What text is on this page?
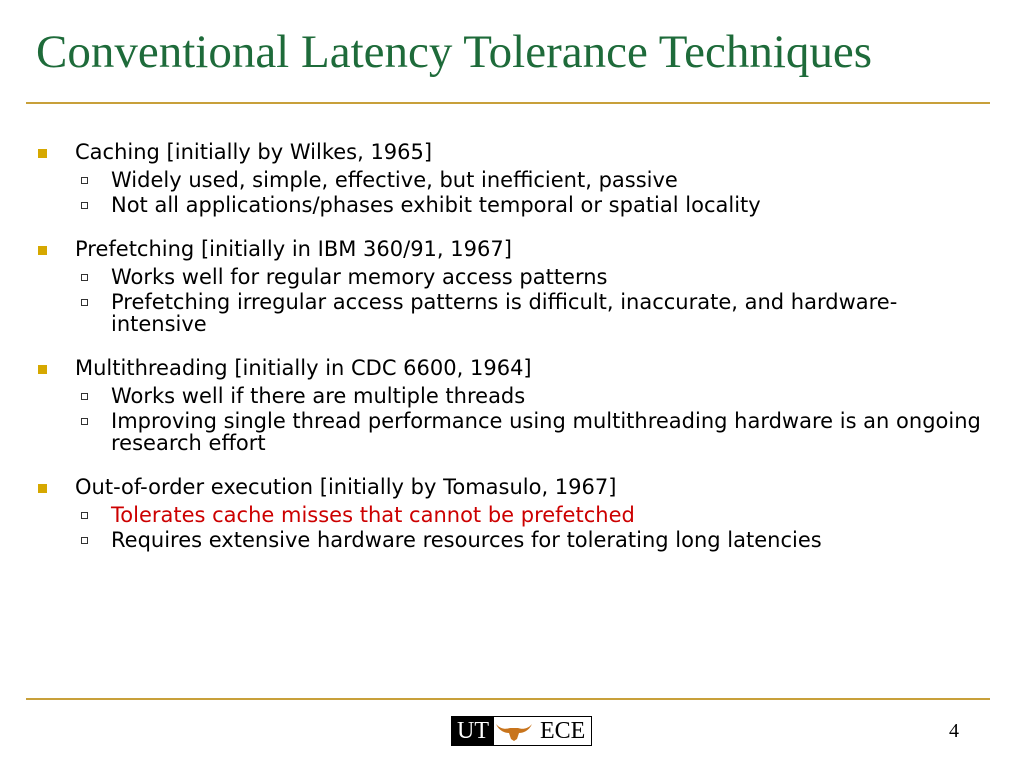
Conventional Latency Tolerance Techniques
Caching [initially by Wilkes, 1965]
Widely used, simple, effective, but inefficient, passive
Not all applications/phases exhibit temporal or spatial locality
Prefetching [initially in IBM 360/91, 1967]
Works well for regular memory access patterns
Prefetching irregular access patterns is difficult, inaccurate, and hardware-intensive
Multithreading [initially in CDC 6600, 1964]
Works well if there are multiple threads
Improving single thread performance using multithreading hardware is an ongoing research effort
Out-of-order execution [initially by Tomasulo, 1967]
Tolerates cache misses that cannot be prefetched
Requires extensive hardware resources for tolerating long latencies
UT ECE	4
